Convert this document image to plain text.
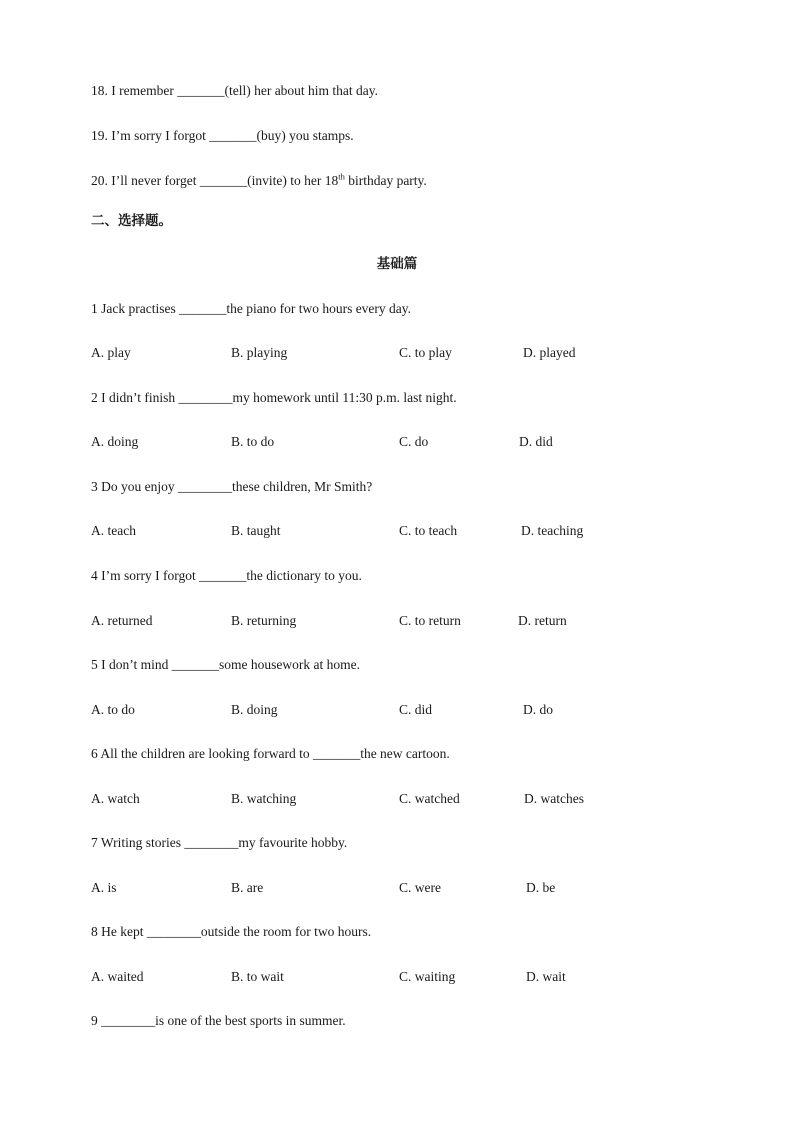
18. I remember _______(tell) her about him that day.
19. I’m sorry I forgot _______(buy) you stamps.
20. I’ll never forget _______(invite) to her 18th birthday party.
二、选择题。
基础篇
1 Jack practises _______the piano for two hours every day.
A. play	B. playing	C. to play	D. played
2 I didn’t finish ________my homework until 11:30 p.m. last night.
A. doing	B. to do	C. do	D. did
3 Do you enjoy ________these children, Mr Smith?
A. teach	B. taught	C. to teach	D. teaching
4 I’m sorry I forgot _______the dictionary to you.
A. returned	B. returning	C. to return	D. return
5 I don’t mind _______some housework at home.
A. to do	B. doing	C. did	D. do
6 All the children are looking forward to _______the new cartoon.
A. watch	B. watching	C. watched	D. watches
7 Writing stories ________my favourite hobby.
A. is	B. are	C. were	D. be
8 He kept ________outside the room for two hours.
A. waited	B. to wait	C. waiting	D. wait
9 ________is one of the best sports in summer.
